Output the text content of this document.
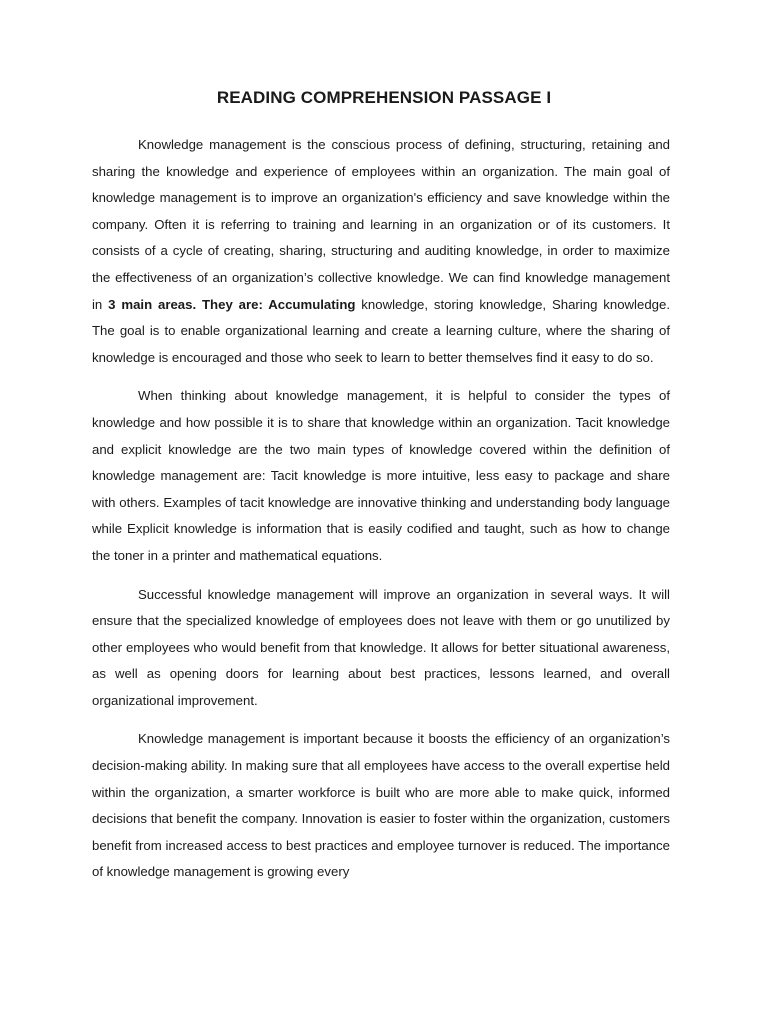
READING COMPREHENSION PASSAGE I

Knowledge management is the conscious process of defining, structuring, retaining and sharing the knowledge and experience of employees within an organization. The main goal of knowledge management is to improve an organization's efficiency and save knowledge within the company. Often it is referring to training and learning in an organization or of its customers. It consists of a cycle of creating, sharing, structuring and auditing knowledge, in order to maximize the effectiveness of an organization’s collective knowledge. We can find knowledge management in 3 main areas. They are: Accumulating knowledge, storing knowledge, Sharing knowledge. The goal is to enable organizational learning and create a learning culture, where the sharing of knowledge is encouraged and those who seek to learn to better themselves find it easy to do so.

When thinking about knowledge management, it is helpful to consider the types of knowledge and how possible it is to share that knowledge within an organization. Tacit knowledge and explicit knowledge are the two main types of knowledge covered within the definition of knowledge management are: Tacit knowledge is more intuitive, less easy to package and share with others. Examples of tacit knowledge are innovative thinking and understanding body language while Explicit knowledge is information that is easily codified and taught, such as how to change the toner in a printer and mathematical equations.

Successful knowledge management will improve an organization in several ways. It will ensure that the specialized knowledge of employees does not leave with them or go unutilized by other employees who would benefit from that knowledge. It allows for better situational awareness, as well as opening doors for learning about best practices, lessons learned, and overall organizational improvement.

Knowledge management is important because it boosts the efficiency of an organization’s decision-making ability. In making sure that all employees have access to the overall expertise held within the organization, a smarter workforce is built who are more able to make quick, informed decisions that benefit the company. Innovation is easier to foster within the organization, customers benefit from increased access to best practices and employee turnover is reduced. The importance of knowledge management is growing every
